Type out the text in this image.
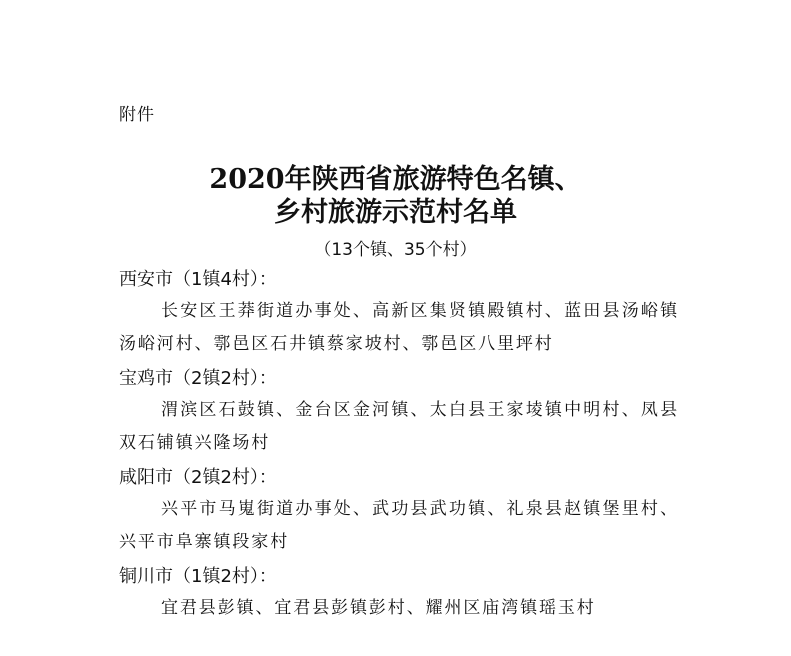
附件
2020年陕西省旅游特色名镇、
乡村旅游示范村名单
（13个镇、35个村）
西安市（1镇4村）：

长安区王莽街道办事处、高新区集贤镇殿镇村、蓝田县汤峪镇汤峪河村、鄠邑区石井镇蔡家坡村、鄠邑区八里坪村

宝鸡市（2镇2村）：

渭滨区石鼓镇、金台区金河镇、太白县王家堎镇中明村、凤县双石铺镇兴隆场村

咸阳市（2镇2村）：

兴平市马嵬街道办事处、武功县武功镇、礼泉县赵镇堡里村、兴平市阜寨镇段家村

铜川市（1镇2村）：

宜君县彭镇、宜君县彭镇彭村、耀州区庙湾镇瑶玉村
